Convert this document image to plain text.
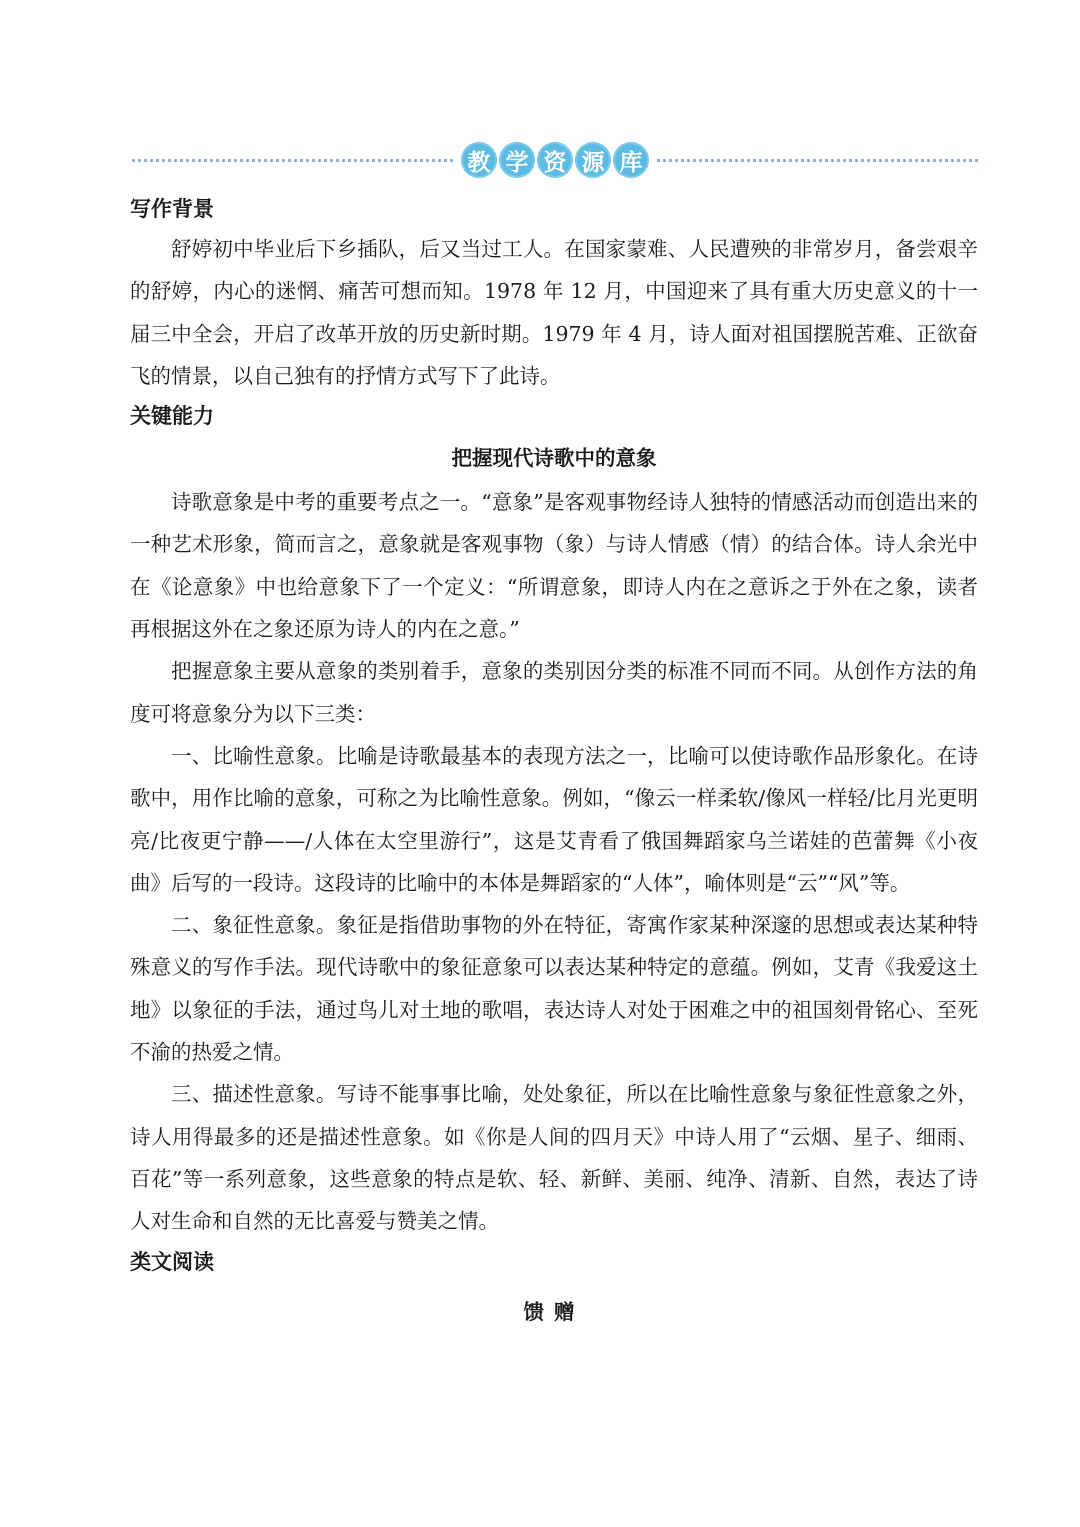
教 学 资 源 库
写作背景

舒婷初中毕业后下乡插队，后又当过工人。在国家蒙难、人民遭殃的非常岁月，备尝艰辛的舒婷，内心的迷惘、痛苦可想而知。1978 年 12 月，中国迎来了具有重大历史意义的十一届三中全会，开启了改革开放的历史新时期。1979 年 4 月，诗人面对祖国摆脱苦难、正欲奋飞的情景，以自己独有的抒情方式写下了此诗。

关键能力

把握现代诗歌中的意象

诗歌意象是中考的重要考点之一。“意象”是客观事物经诗人独特的情感活动而创造出来的一种艺术形象，简而言之，意象就是客观事物（象）与诗人情感（情）的结合体。诗人余光中在《论意象》中也给意象下了一个定义：“所谓意象，即诗人内在之意诉之于外在之象，读者再根据这外在之象还原为诗人的内在之意。”

把握意象主要从意象的类别着手，意象的类别因分类的标准不同而不同。从创作方法的角度可将意象分为以下三类：

一、比喻性意象。比喻是诗歌最基本的表现方法之一，比喻可以使诗歌作品形象化。在诗歌中，用作比喻的意象，可称之为比喻性意象。例如，“像云一样柔软/像风一样轻/比月光更明亮/比夜更宁静——/人体在太空里游行”，这是艾青看了俄国舞蹈家乌兰诺娃的芭蕾舞《小夜曲》后写的一段诗。这段诗的比喻中的本体是舞蹈家的“人体”，喻体则是“云”“风”等。

二、象征性意象。象征是指借助事物的外在特征，寄寓作家某种深邃的思想或表达某种特殊意义的写作手法。现代诗歌中的象征意象可以表达某种特定的意蕴。例如，艾青《我爱这土地》以象征的手法，通过鸟儿对土地的歌唱，表达诗人对处于困难之中的祖国刻骨铭心、至死不渝的热爱之情。

三、描述性意象。写诗不能事事比喻，处处象征，所以在比喻性意象与象征性意象之外，诗人用得最多的还是描述性意象。如《你是人间的四月天》中诗人用了“云烟、星子、细雨、百花”等一系列意象，这些意象的特点是软、轻、新鲜、美丽、纯净、清新、自然，表达了诗人对生命和自然的无比喜爱与赞美之情。

类文阅读

馈赠
